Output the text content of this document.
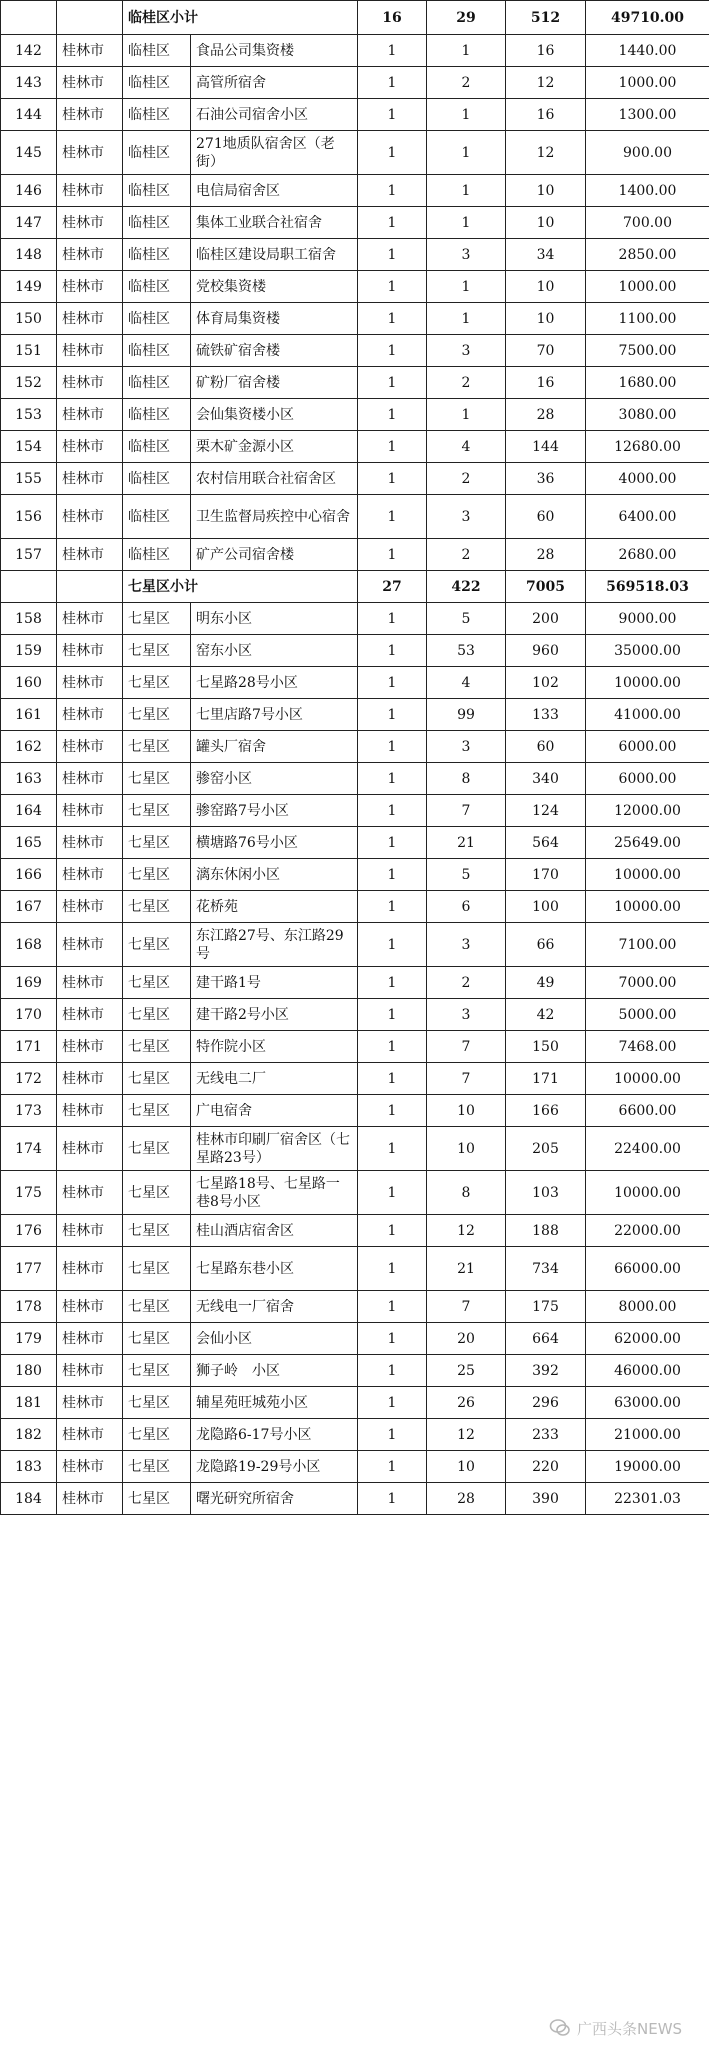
		临桂区小计		16	29	512	49710.00
142	桂林市	临桂区	食品公司集资楼	1	1	16	1440.00
143	桂林市	临桂区	高管所宿舍	1	2	12	1000.00
144	桂林市	临桂区	石油公司宿舍小区	1	1	16	1300.00
145	桂林市	临桂区	271地质队宿舍区（老街）	1	1	12	900.00
146	桂林市	临桂区	电信局宿舍区	1	1	10	1400.00
147	桂林市	临桂区	集体工业联合社宿舍	1	1	10	700.00
148	桂林市	临桂区	临桂区建设局职工宿舍	1	3	34	2850.00
149	桂林市	临桂区	党校集资楼	1	1	10	1000.00
150	桂林市	临桂区	体育局集资楼	1	1	10	1100.00
151	桂林市	临桂区	硫铁矿宿舍楼	1	3	70	7500.00
152	桂林市	临桂区	矿粉厂宿舍楼	1	2	16	1680.00
153	桂林市	临桂区	会仙集资楼小区	1	1	28	3080.00
154	桂林市	临桂区	栗木矿金源小区	1	4	144	12680.00
155	桂林市	临桂区	农村信用联合社宿舍区	1	2	36	4000.00
156	桂林市	临桂区	卫生监督局疾控中心宿舍	1	3	60	6400.00
157	桂林市	临桂区	矿产公司宿舍楼	1	2	28	2680.00
		七星区小计		27	422	7005	569518.03
158	桂林市	七星区	明东小区	1	5	200	9000.00
159	桂林市	七星区	窑东小区	1	53	960	35000.00
160	桂林市	七星区	七星路28号小区	1	4	102	10000.00
161	桂林市	七星区	七里店路7号小区	1	99	133	41000.00
162	桂林市	七星区	罐头厂宿舍	1	3	60	6000.00
163	桂林市	七星区	骖窑小区	1	8	340	6000.00
164	桂林市	七星区	骖窑路7号小区	1	7	124	12000.00
165	桂林市	七星区	横塘路76号小区	1	21	564	25649.00
166	桂林市	七星区	漓东休闲小区	1	5	170	10000.00
167	桂林市	七星区	花桥苑	1	6	100	10000.00
168	桂林市	七星区	东江路27号、东江路29号	1	3	66	7100.00
169	桂林市	七星区	建干路1号	1	2	49	7000.00
170	桂林市	七星区	建干路2号小区	1	3	42	5000.00
171	桂林市	七星区	特作院小区	1	7	150	7468.00
172	桂林市	七星区	无线电二厂	1	7	171	10000.00
173	桂林市	七星区	广电宿舍	1	10	166	6600.00
174	桂林市	七星区	桂林市印刷厂宿舍区（七星路23号）	1	10	205	22400.00
175	桂林市	七星区	七星路18号、七星路一巷8号小区	1	8	103	10000.00
176	桂林市	七星区	桂山酒店宿舍区	1	12	188	22000.00
177	桂林市	七星区	七星路东巷小区	1	21	734	66000.00
178	桂林市	七星区	无线电一厂宿舍	1	7	175	8000.00
179	桂林市	七星区	会仙小区	1	20	664	62000.00
180	桂林市	七星区	狮子岭　小区	1	25	392	46000.00
181	桂林市	七星区	辅星苑旺城苑小区	1	26	296	63000.00
182	桂林市	七星区	龙隐路6-17号小区	1	12	233	21000.00
183	桂林市	七星区	龙隐路19-29号小区	1	10	220	19000.00
184	桂林市	七星区	曙光研究所宿舍	1	28	390	22301.03
广西头条NEWS
